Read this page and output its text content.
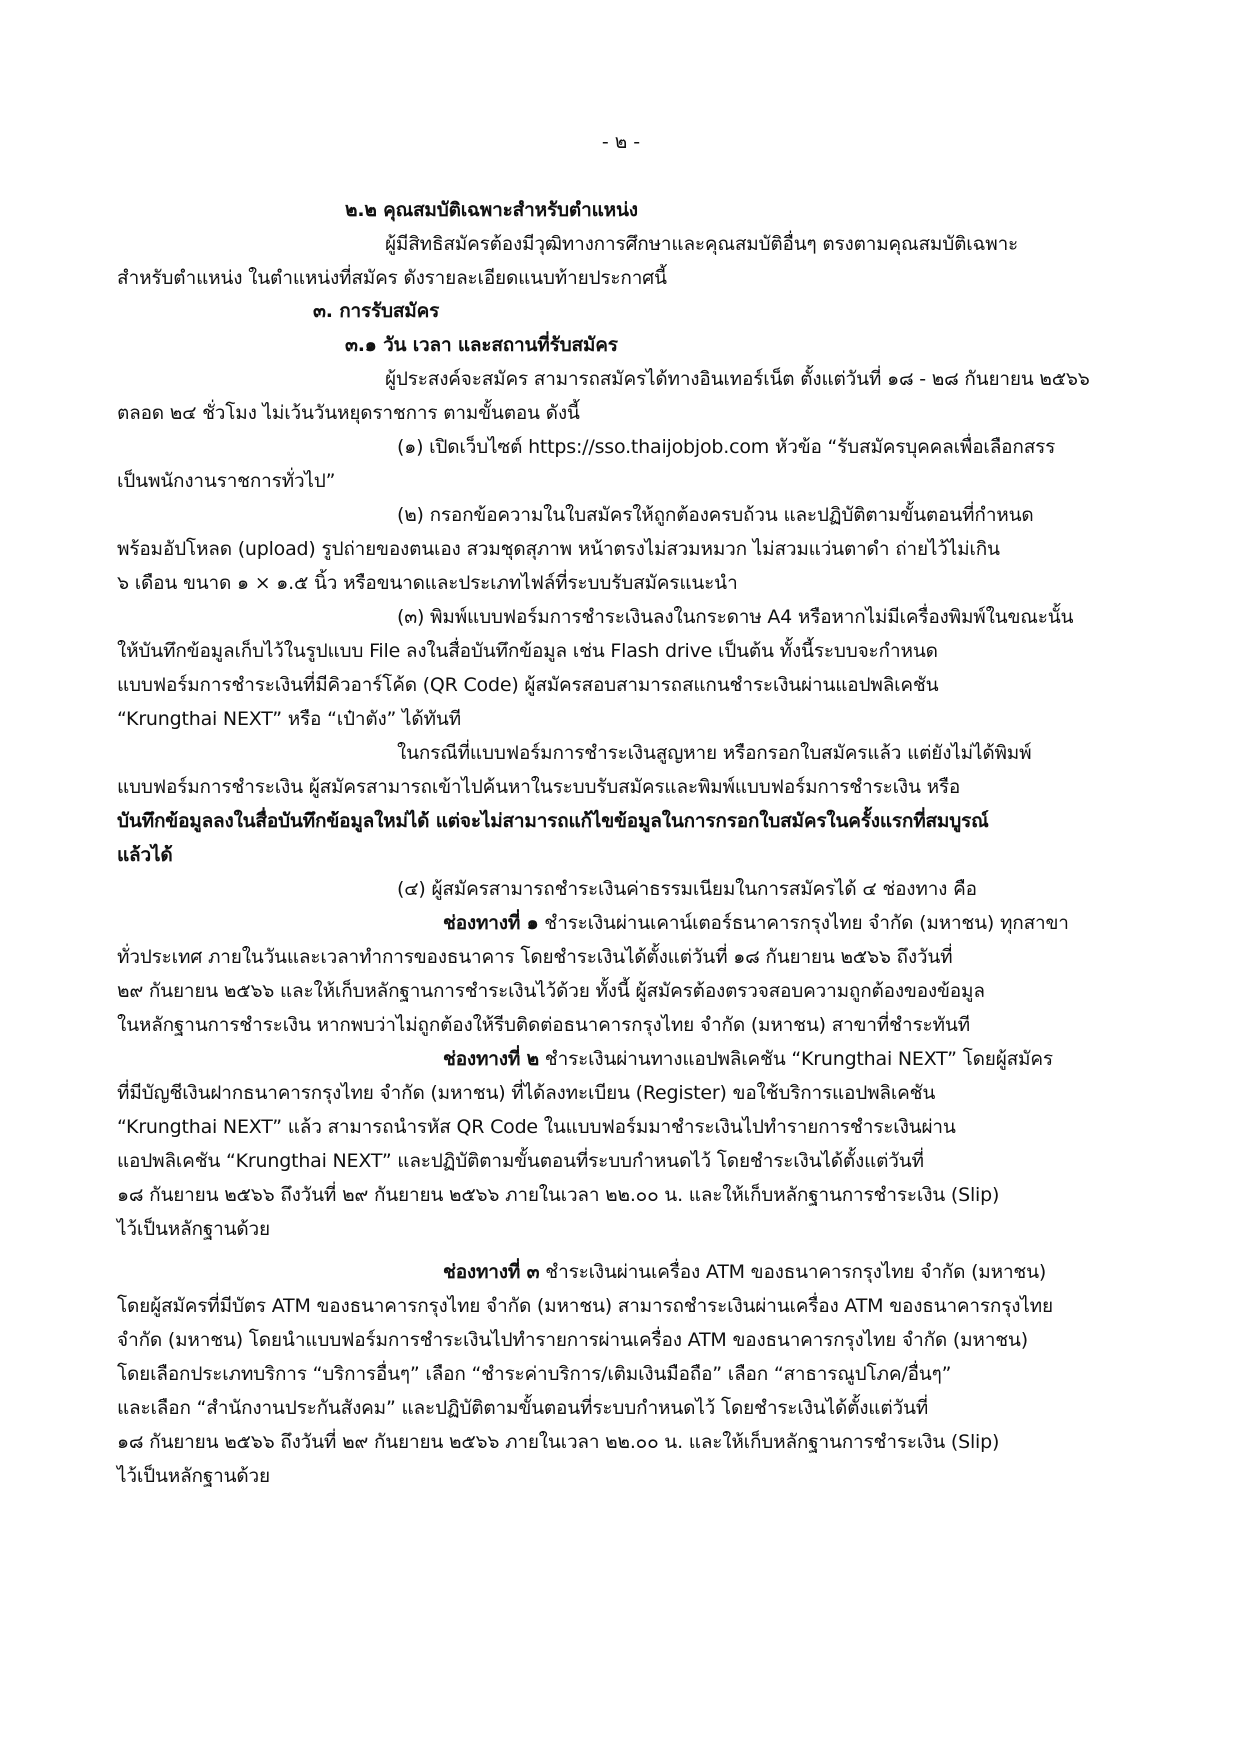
- ๒ -

๒.๒ คุณสมบัติเฉพาะสำหรับตำแหน่ง

ผู้มีสิทธิสมัครต้องมีวุฒิทางการศึกษาและคุณสมบัติอื่นๆ ตรงตามคุณสมบัติเฉพาะ

สำหรับตำแหน่ง ในตำแหน่งที่สมัคร ดังรายละเอียดแนบท้ายประกาศนี้

๓. การรับสมัคร

๓.๑ วัน เวลา และสถานที่รับสมัคร

ผู้ประสงค์จะสมัคร สามารถสมัครได้ทางอินเทอร์เน็ต ตั้งแต่วันที่ ๑๘ - ๒๘ กันยายน ๒๕๖๖

ตลอด ๒๔ ชั่วโมง ไม่เว้นวันหยุดราชการ ตามขั้นตอน ดังนี้

(๑) เปิดเว็บไซต์ https://sso.thaijobjob.com หัวข้อ “รับสมัครบุคคลเพื่อเลือกสรร

เป็นพนักงานราชการทั่วไป”

(๒) กรอกข้อความในใบสมัครให้ถูกต้องครบถ้วน และปฏิบัติตามขั้นตอนที่กำหนด

พร้อมอัปโหลด (upload) รูปถ่ายของตนเอง สวมชุดสุภาพ หน้าตรงไม่สวมหมวก ไม่สวมแว่นตาดำ ถ่ายไว้ไม่เกิน

๖ เดือน ขนาด ๑ × ๑.๕ นิ้ว หรือขนาดและประเภทไฟล์ที่ระบบรับสมัครแนะนำ

(๓) พิมพ์แบบฟอร์มการชำระเงินลงในกระดาษ A4 หรือหากไม่มีเครื่องพิมพ์ในขณะนั้น

ให้บันทึกข้อมูลเก็บไว้ในรูปแบบ File ลงในสื่อบันทึกข้อมูล เช่น Flash drive เป็นต้น ทั้งนี้ระบบจะกำหนด

แบบฟอร์มการชำระเงินที่มีคิวอาร์โค้ด (QR Code) ผู้สมัครสอบสามารถสแกนชำระเงินผ่านแอปพลิเคชัน

“Krungthai NEXT” หรือ “เป๋าตัง” ได้ทันที

ในกรณีที่แบบฟอร์มการชำระเงินสูญหาย หรือกรอกใบสมัครแล้ว แต่ยังไม่ได้พิมพ์

แบบฟอร์มการชำระเงิน ผู้สมัครสามารถเข้าไปค้นหาในระบบรับสมัครและพิมพ์แบบฟอร์มการชำระเงิน หรือ

บันทึกข้อมูลลงในสื่อบันทึกข้อมูลใหม่ได้ แต่จะไม่สามารถแก้ไขข้อมูลในการกรอกใบสมัครในครั้งแรกที่สมบูรณ์

แล้วได้

(๔) ผู้สมัครสามารถชำระเงินค่าธรรมเนียมในการสมัครได้ ๔ ช่องทาง คือ

ช่องทางที่ ๑ ชำระเงินผ่านเคาน์เตอร์ธนาคารกรุงไทย จำกัด (มหาชน) ทุกสาขา

ทั่วประเทศ ภายในวันและเวลาทำการของธนาคาร โดยชำระเงินได้ตั้งแต่วันที่ ๑๘ กันยายน ๒๕๖๖ ถึงวันที่

๒๙ กันยายน ๒๕๖๖ และให้เก็บหลักฐานการชำระเงินไว้ด้วย ทั้งนี้ ผู้สมัครต้องตรวจสอบความถูกต้องของข้อมูล

ในหลักฐานการชำระเงิน หากพบว่าไม่ถูกต้องให้รีบติดต่อธนาคารกรุงไทย จำกัด (มหาชน) สาขาที่ชำระทันที

ช่องทางที่ ๒ ชำระเงินผ่านทางแอปพลิเคชัน “Krungthai NEXT” โดยผู้สมัคร

ที่มีบัญชีเงินฝากธนาคารกรุงไทย จำกัด (มหาชน) ที่ได้ลงทะเบียน (Register) ขอใช้บริการแอปพลิเคชัน

“Krungthai NEXT” แล้ว สามารถนำรหัส QR Code ในแบบฟอร์มมาชำระเงินไปทำรายการชำระเงินผ่าน

แอปพลิเคชัน “Krungthai NEXT” และปฏิบัติตามขั้นตอนที่ระบบกำหนดไว้ โดยชำระเงินได้ตั้งแต่วันที่

๑๘ กันยายน ๒๕๖๖ ถึงวันที่ ๒๙ กันยายน ๒๕๖๖ ภายในเวลา ๒๒.๐๐ น. และให้เก็บหลักฐานการชำระเงิน (Slip)

ไว้เป็นหลักฐานด้วย

ช่องทางที่ ๓ ชำระเงินผ่านเครื่อง ATM ของธนาคารกรุงไทย จำกัด (มหาชน)

โดยผู้สมัครที่มีบัตร ATM ของธนาคารกรุงไทย จำกัด (มหาชน) สามารถชำระเงินผ่านเครื่อง ATM ของธนาคารกรุงไทย

จำกัด (มหาชน) โดยนำแบบฟอร์มการชำระเงินไปทำรายการผ่านเครื่อง ATM ของธนาคารกรุงไทย จำกัด (มหาชน)

โดยเลือกประเภทบริการ “บริการอื่นๆ” เลือก “ชำระค่าบริการ/เติมเงินมือถือ” เลือก “สาธารณูปโภค/อื่นๆ”

และเลือก “สำนักงานประกันสังคม” และปฏิบัติตามขั้นตอนที่ระบบกำหนดไว้ โดยชำระเงินได้ตั้งแต่วันที่

๑๘ กันยายน ๒๕๖๖ ถึงวันที่ ๒๙ กันยายน ๒๕๖๖ ภายในเวลา ๒๒.๐๐ น. และให้เก็บหลักฐานการชำระเงิน (Slip)

ไว้เป็นหลักฐานด้วย
